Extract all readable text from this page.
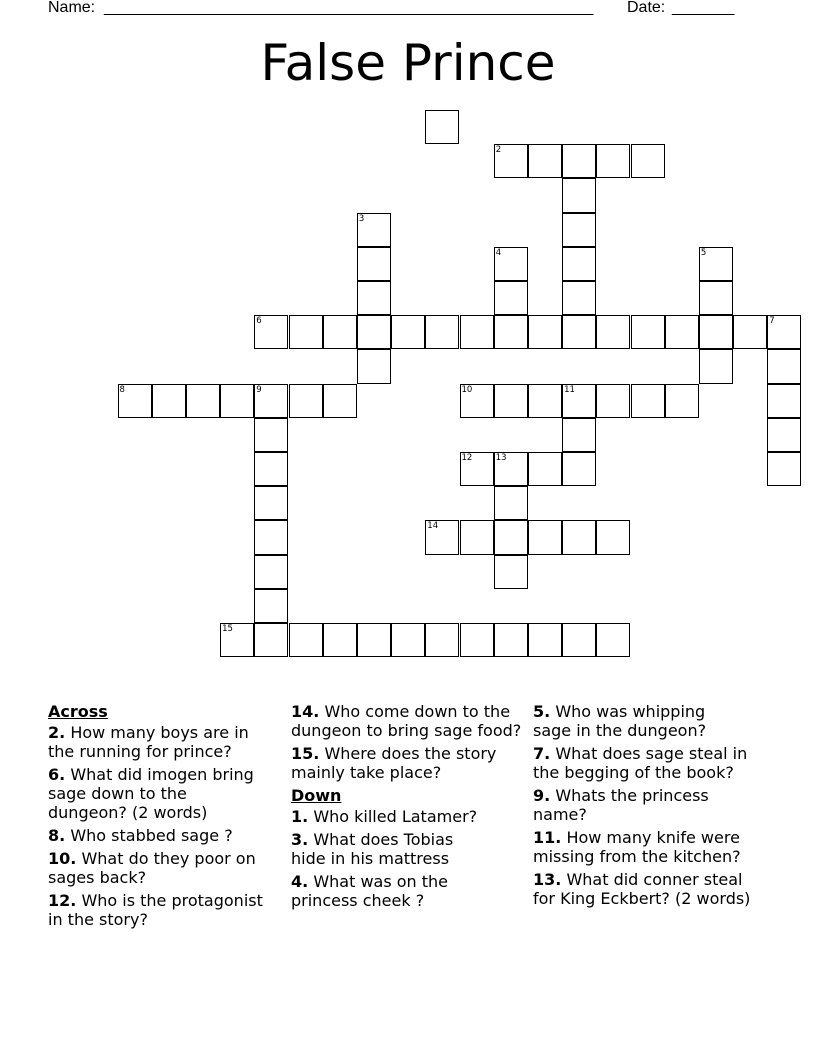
Name: _______________________________________________________ Date: _______
False Prince
2
3
4	5
6	7
8	9	10	11
12	13
14
15
Across
2. How many boys are in the running for prince?
6. What did imogen bring sage down to the dungeon? (2 words)
8. Who stabbed sage ?
10. What do they poor on sages back?
12. Who is the protagonist in the story?
14. Who come down to the dungeon to bring sage food?
15. Where does the story mainly take place?
Down
1. Who killed Latamer?
3. What does Tobias hide in his mattress
4. What was on the princess cheek ?
5. Who was whipping sage in the dungeon?
7. What does sage steal in the begging of the book?
9. Whats the princess name?
11. How many knife were missing from the kitchen?
13. What did conner steal for King Eckbert? (2 words)
